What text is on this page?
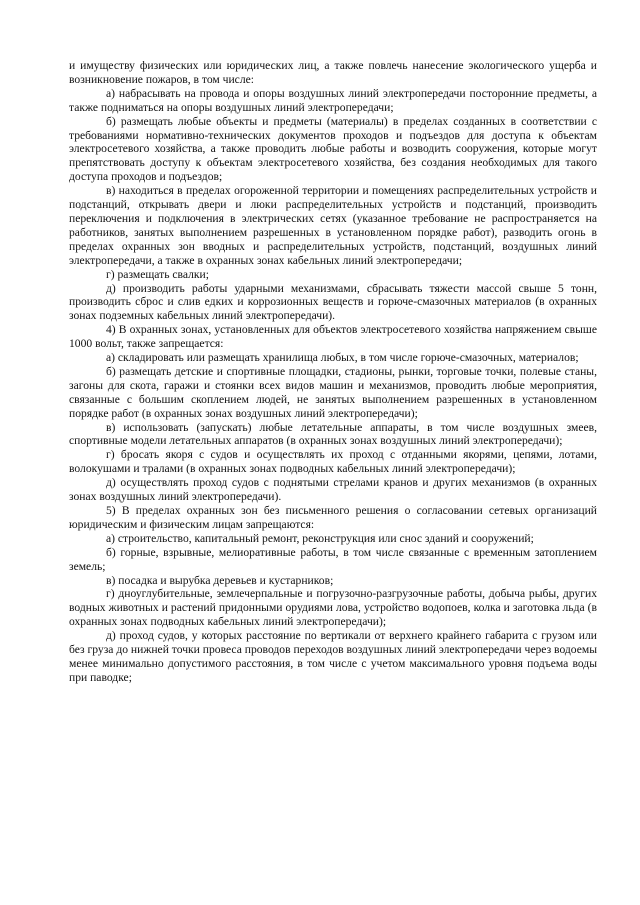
и имуществу физических или юридических лиц, а также повлечь нанесение экологического ущерба и возникновение пожаров, в том числе:

а) набрасывать на провода и опоры воздушных линий электропередачи посторонние предметы, а также подниматься на опоры воздушных линий электропередачи;

б) размещать любые объекты и предметы (материалы) в пределах созданных в соответствии с требованиями нормативно-технических документов проходов и подъездов для доступа к объектам электросетевого хозяйства, а также проводить любые работы и возводить сооружения, которые могут препятствовать доступу к объектам электросетевого хозяйства, без создания необходимых для такого доступа проходов и подъездов;

в) находиться в пределах огороженной территории и помещениях распределительных устройств и подстанций, открывать двери и люки распределительных устройств и подстанций, производить переключения и подключения в электрических сетях (указанное требование не распространяется на работников, занятых выполнением разрешенных в установленном порядке работ), разводить огонь в пределах охранных зон вводных и распределительных устройств, подстанций, воздушных линий электропередачи, а также в охранных зонах кабельных линий электропередачи;

г) размещать свалки;

д) производить работы ударными механизмами, сбрасывать тяжести массой свыше 5 тонн, производить сброс и слив едких и коррозионных веществ и горюче-смазочных материалов (в охранных зонах подземных кабельных линий электропередачи).

4) В охранных зонах, установленных для объектов электросетевого хозяйства напряжением свыше 1000 вольт, также запрещается:

а) складировать или размещать хранилища любых, в том числе горюче-смазочных, материалов;

б) размещать детские и спортивные площадки, стадионы, рынки, торговые точки, полевые станы, загоны для скота, гаражи и стоянки всех видов машин и механизмов, проводить любые мероприятия, связанные с большим скоплением людей, не занятых выполнением разрешенных в установленном порядке работ (в охранных зонах воздушных линий электропередачи);

в) использовать (запускать) любые летательные аппараты, в том числе воздушных змеев, спортивные модели летательных аппаратов (в охранных зонах воздушных линий электропередачи);

г) бросать якоря с судов и осуществлять их проход с отданными якорями, цепями, лотами, волокушами и тралами (в охранных зонах подводных кабельных линий электропередачи);

д) осуществлять проход судов с поднятыми стрелами кранов и других механизмов (в охранных зонах воздушных линий электропередачи).

5) В пределах охранных зон без письменного решения о согласовании сетевых организаций юридическим и физическим лицам запрещаются:

а) строительство, капитальный ремонт, реконструкция или снос зданий и сооружений;

б) горные, взрывные, мелиоративные работы, в том числе связанные с временным затоплением земель;

в) посадка и вырубка деревьев и кустарников;

г) дноуглубительные, землечерпальные и погрузочно-разгрузочные работы, добыча рыбы, других водных животных и растений придонными орудиями лова, устройство водопоев, колка и заготовка льда (в охранных зонах подводных кабельных линий электропередачи);

д) проход судов, у которых расстояние по вертикали от верхнего крайнего габарита с грузом или без груза до нижней точки провеса проводов переходов воздушных линий электропередачи через водоемы менее минимально допустимого расстояния, в том числе с учетом максимального уровня подъема воды при паводке;
